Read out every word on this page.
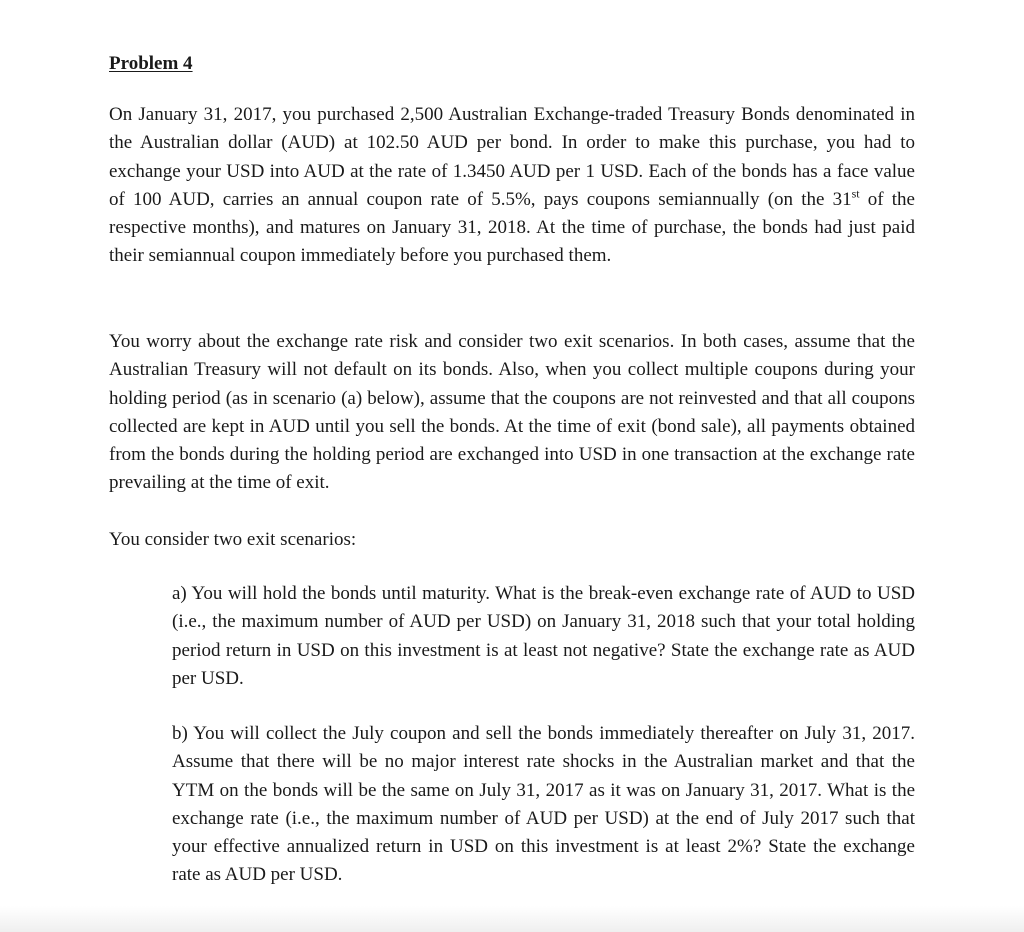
Problem 4

On January 31, 2017, you purchased 2,500 Australian Exchange-traded Treasury Bonds denominated in the Australian dollar (AUD) at 102.50 AUD per bond. In order to make this purchase, you had to exchange your USD into AUD at the rate of 1.3450 AUD per 1 USD. Each of the bonds has a face value of 100 AUD, carries an annual coupon rate of 5.5%, pays coupons semiannually (on the 31st of the respective months), and matures on January 31, 2018. At the time of purchase, the bonds had just paid their semiannual coupon immediately before you purchased them.

You worry about the exchange rate risk and consider two exit scenarios. In both cases, assume that the Australian Treasury will not default on its bonds. Also, when you collect multiple coupons during your holding period (as in scenario (a) below), assume that the coupons are not reinvested and that all coupons collected are kept in AUD until you sell the bonds. At the time of exit (bond sale), all payments obtained from the bonds during the holding period are exchanged into USD in one transaction at the exchange rate prevailing at the time of exit.

You consider two exit scenarios:

a) You will hold the bonds until maturity. What is the break-even exchange rate of AUD to USD (i.e., the maximum number of AUD per USD) on January 31, 2018 such that your total holding period return in USD on this investment is at least not negative? State the exchange rate as AUD per USD.

b) You will collect the July coupon and sell the bonds immediately thereafter on July 31, 2017. Assume that there will be no major interest rate shocks in the Australian market and that the YTM on the bonds will be the same on July 31, 2017 as it was on January 31, 2017. What is the exchange rate (i.e., the maximum number of AUD per USD) at the end of July 2017 such that your effective annualized return in USD on this investment is at least 2%? State the exchange rate as AUD per USD.
